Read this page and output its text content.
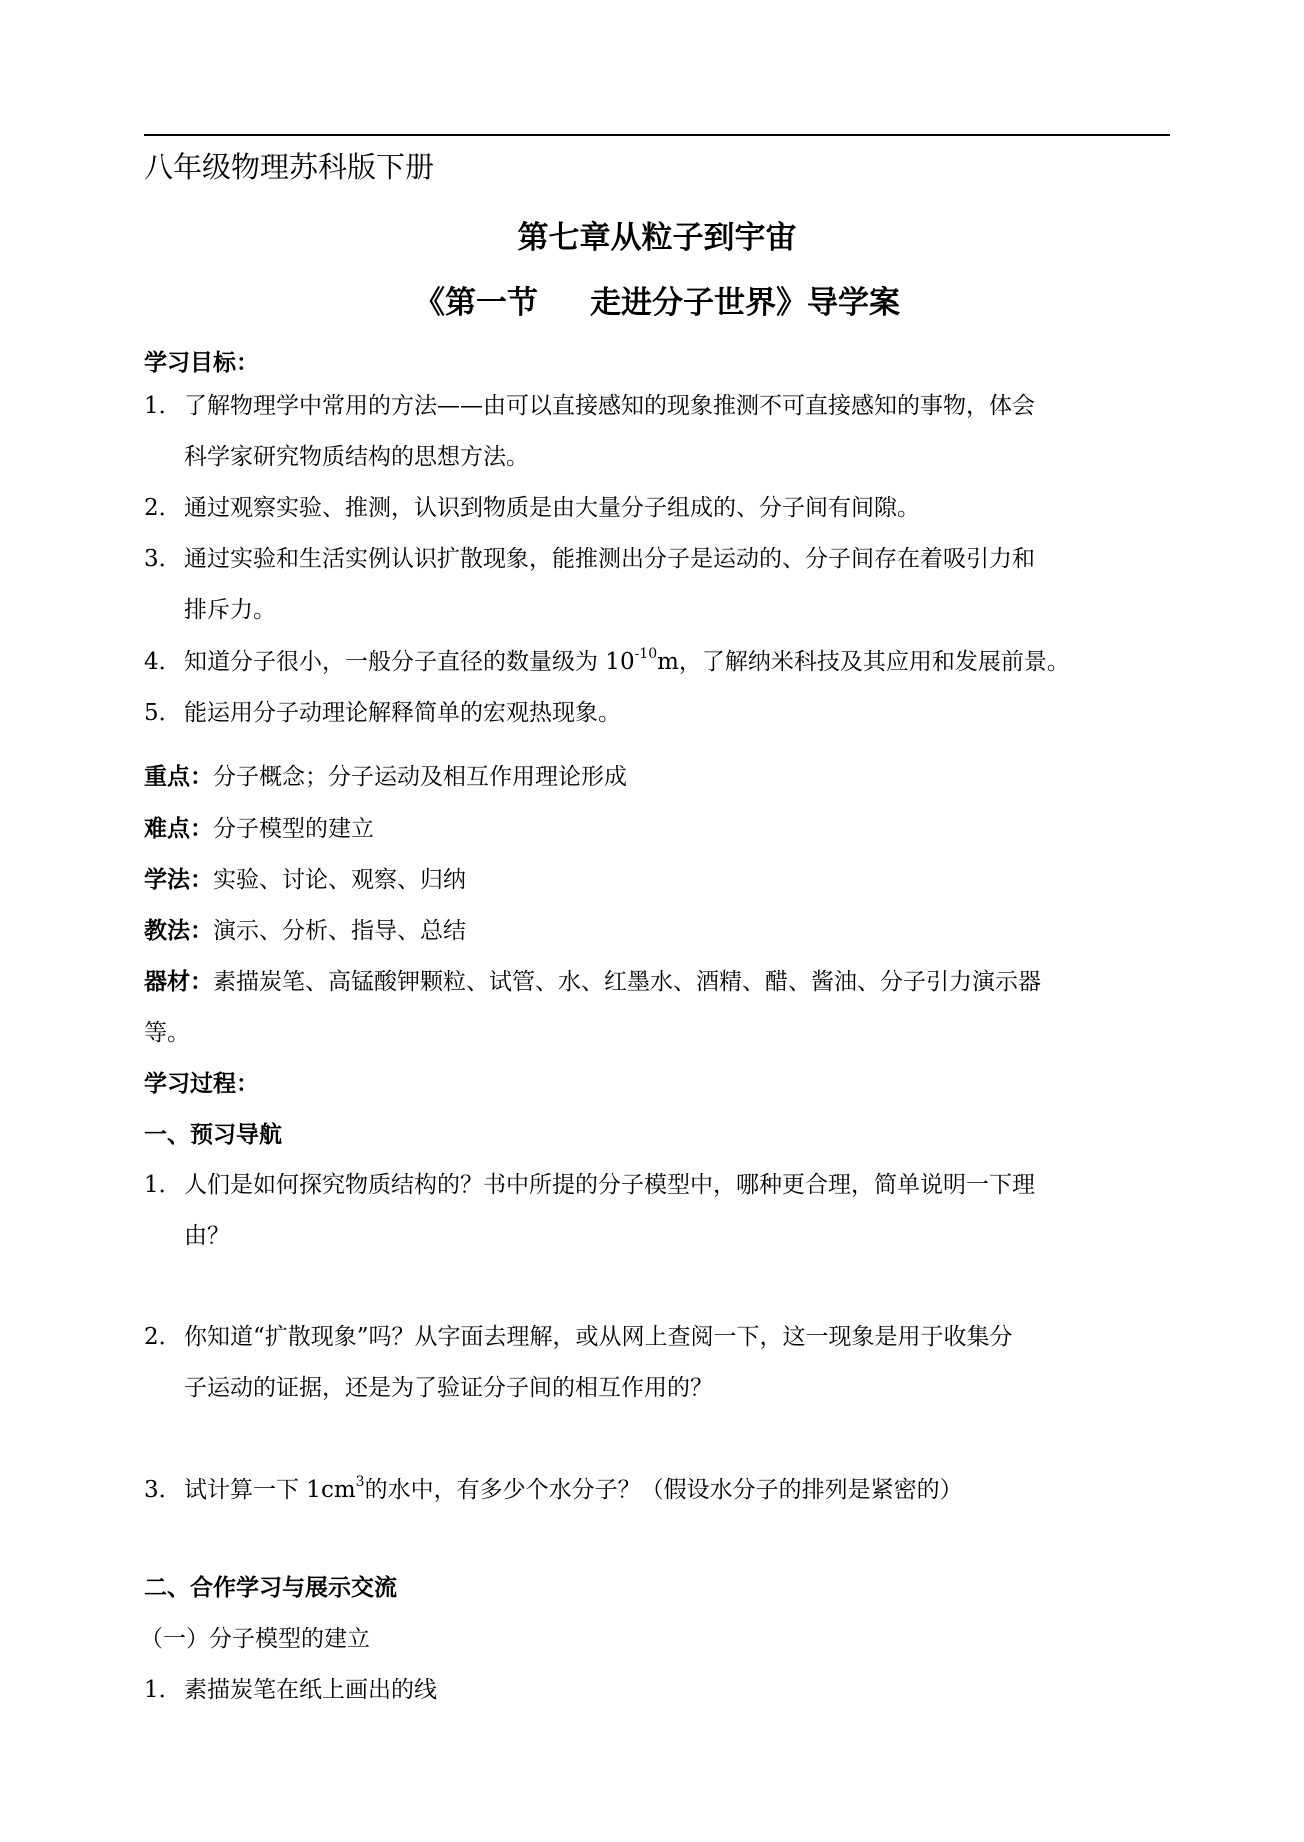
八年级物理苏科版下册
第七章从粒子到宇宙
《第一节 走进分子世界》导学案
学习目标：
1． 了解物理学中常用的方法——由可以直接感知的现象推测不可直接感知的事物，体会
科学家研究物质结构的思想方法。
2． 通过观察实验、推测，认识到物质是由大量分子组成的、分子间有间隙。
3． 通过实验和生活实例认识扩散现象，能推测出分子是运动的、分子间存在着吸引力和
排斥力。
4． 知道分子很小，一般分子直径的数量级为 $10^{-10}m$，了解纳米科技及其应用和发展前景。
5． 能运用分子动理论解释简单的宏观热现象。
重点：分子概念；分子运动及相互作用理论形成
难点：分子模型的建立
学法：实验、讨论、观察、归纳
教法：演示、分析、指导、总结
器材：素描炭笔、高锰酸钾颗粒、试管、水、红墨水、酒精、醋、酱油、分子引力演示器
等。
学习过程：
一、预习导航
1． 人们是如何探究物质结构的？书中所提的分子模型中，哪种更合理，简单说明一下理
由？
2． 你知道“扩散现象”吗？从字面去理解，或从网上查阅一下，这一现象是用于收集分
子运动的证据，还是为了验证分子间的相互作用的？
3． 试计算一下 $1cm^3$的水中，有多少个水分子？（假设水分子的排列是紧密的）
二、合作学习与展示交流
（一）分子模型的建立
1． 素描炭笔在纸上画出的线
